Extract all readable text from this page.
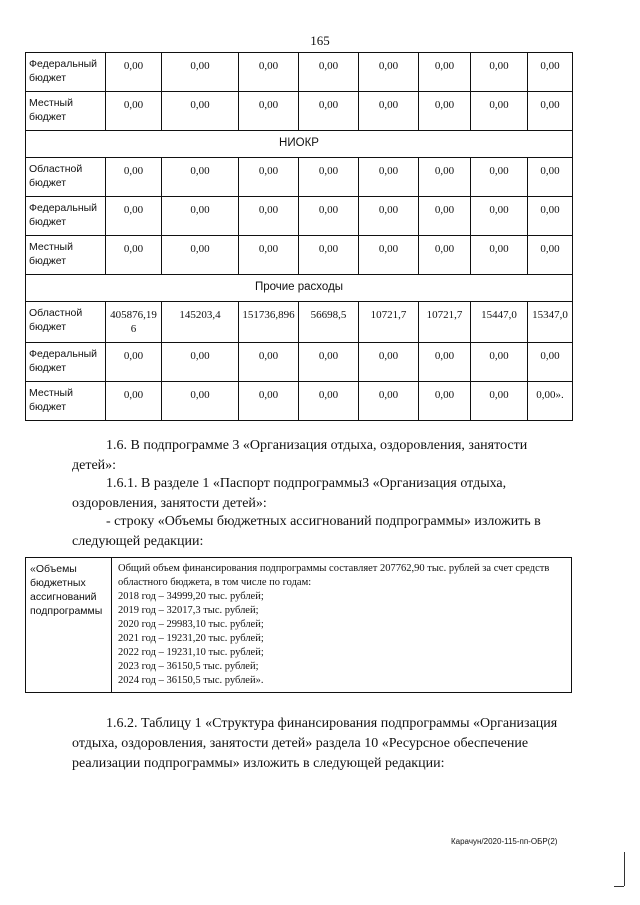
165
Федеральный бюджет	0,00	0,00	0,00	0,00	0,00	0,00	0,00	0,00
Местный бюджет	0,00	0,00	0,00	0,00	0,00	0,00	0,00	0,00
НИОКР								
Областной бюджет	0,00	0,00	0,00	0,00	0,00	0,00	0,00	0,00
Федеральный бюджет	0,00	0,00	0,00	0,00	0,00	0,00	0,00	0,00
Местный бюджет	0,00	0,00	0,00	0,00	0,00	0,00	0,00	0,00
Прочие расходы								
Областной бюджет	405876,196	145203,4	151736,896	56698,5	10721,7	10721,7	15447,0	15347,0
Федеральный бюджет	0,00	0,00	0,00	0,00	0,00	0,00	0,00	0,00
Местный бюджет	0,00	0,00	0,00	0,00	0,00	0,00	0,00	0,00».
1.6. В подпрограмме 3 «Организация отдыха, оздоровления, занятости детей»:
1.6.1. В разделе 1 «Паспорт подпрограммы3 «Организация отдыха, оздоровления, занятости детей»:
- строку «Объемы бюджетных ассигнований подпрограммы» изложить в следующей редакции:
«Объемы бюджетных ассигнований подпрограммы	
Общий объем финансирования подпрограммы составляет 207762,90 тыс. рублей за счет средств областного бюджета, в том числе по годам:
2018 год – 34999,20 тыс. рублей;
2019 год – 32017,3 тыс. рублей;
2020 год – 29983,10 тыс. рублей;
2021 год – 19231,20 тыс. рублей;
2022 год – 19231,10 тыс. рублей;
2023 год – 36150,5 тыс. рублей;
2024 год – 36150,5 тыс. рублей».
1.6.2. Таблицу 1 «Структура финансирования подпрограммы «Организация отдыха, оздоровления, занятости детей» раздела 10 «Ресурсное обеспечение реализации подпрограммы» изложить в следующей редакции:
Карачун/2020-115-пп-ОБР(2)
